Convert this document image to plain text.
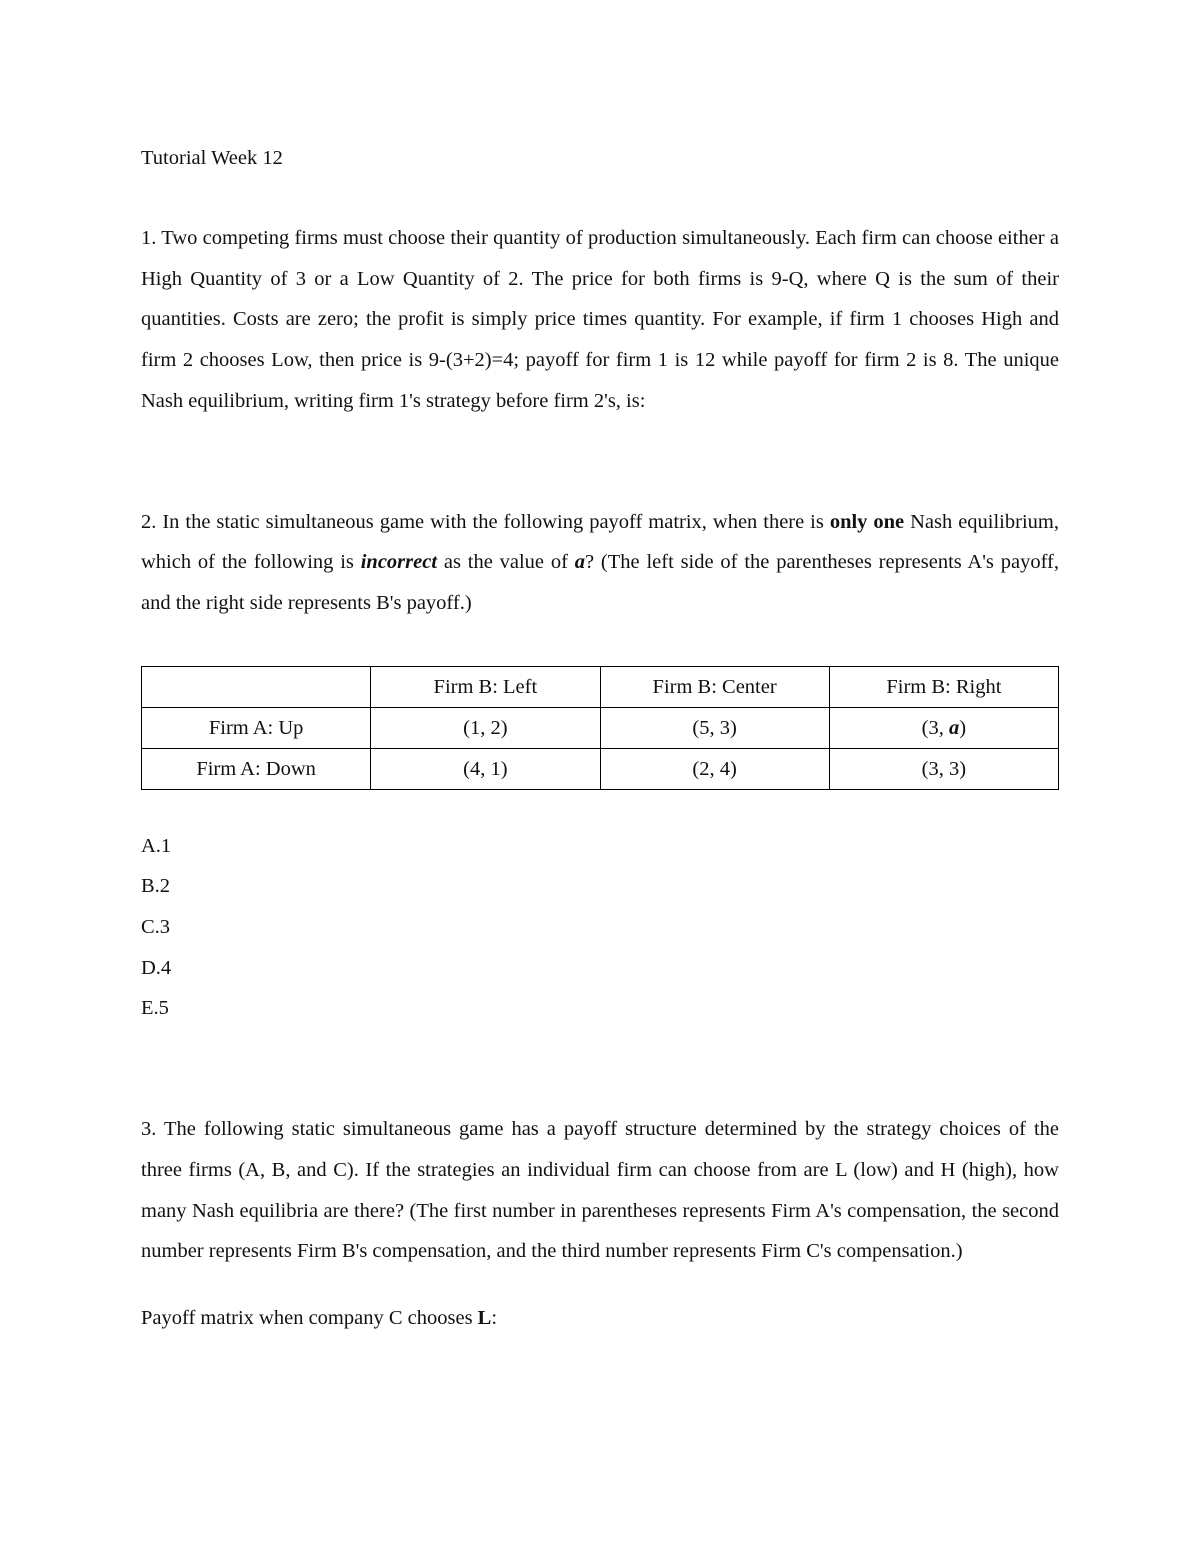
Tutorial Week 12

1. Two competing firms must choose their quantity of production simultaneously. Each firm can choose either a High Quantity of 3 or a Low Quantity of 2. The price for both firms is 9-Q, where Q is the sum of their quantities. Costs are zero; the profit is simply price times quantity. For example, if firm 1 chooses High and firm 2 chooses Low, then price is 9-(3+2)=4; payoff for firm 1 is 12 while payoff for firm 2 is 8. The unique Nash equilibrium, writing firm 1's strategy before firm 2's, is:

2. In the static simultaneous game with the following payoff matrix, when there is only one Nash equilibrium, which of the following is incorrect as the value of a? (The left side of the parentheses represents A's payoff, and the right side represents B's payoff.)

	Firm B: Left	Firm B: Center	Firm B: Right
Firm A: Up	(1, 2)	(5, 3)	(3, a)
Firm A: Down	(4, 1)	(2, 4)	(3, 3)
A.1
B.2
C.3
D.4
E.5

3. The following static simultaneous game has a payoff structure determined by the strategy choices of the three firms (A, B, and C). If the strategies an individual firm can choose from are L (low) and H (high), how many Nash equilibria are there? (The first number in parentheses represents Firm A's compensation, the second number represents Firm B's compensation, and the third number represents Firm C's compensation.)

Payoff matrix when company C chooses L:
